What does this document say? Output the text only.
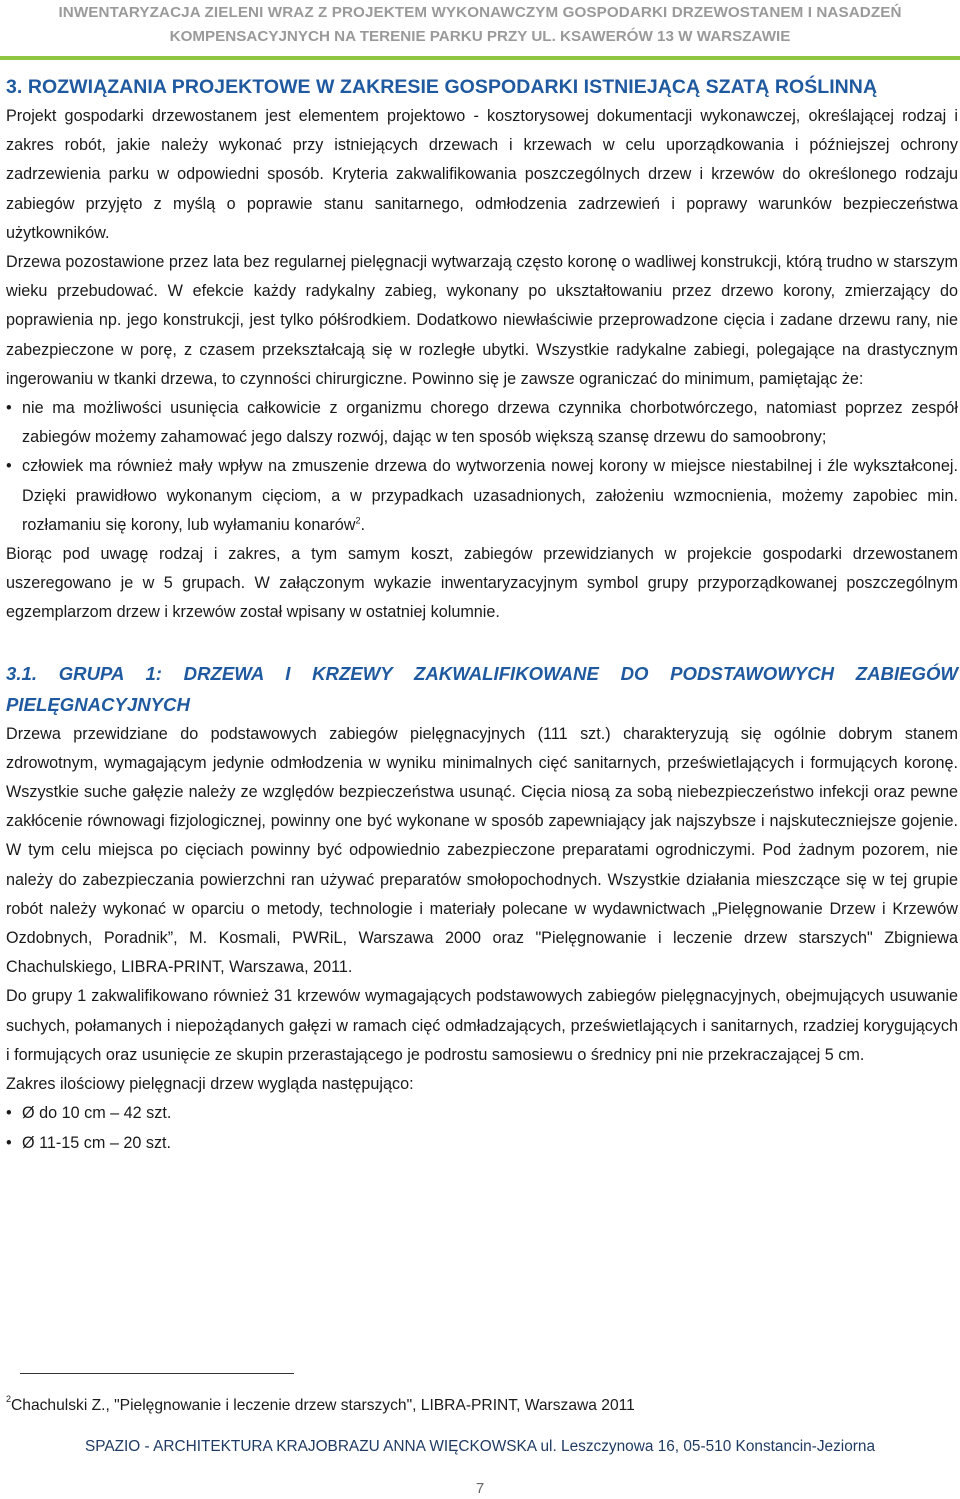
INWENTARYZACJA ZIELENI WRAZ Z PROJEKTEM WYKONAWCZYM GOSPODARKI DRZEWOSTANEM I NASADZEŃ
KOMPENSACYJNYCH NA TERENIE PARKU PRZY UL. KSAWERÓW 13 W WARSZAWIE
3. ROZWIĄZANIA PROJEKTOWE W ZAKRESIE GOSPODARKI ISTNIEJĄCĄ SZATĄ ROŚLINNĄ

Projekt gospodarki drzewostanem jest elementem projektowo - kosztorysowej dokumentacji wykonawczej, określającej rodzaj i zakres robót, jakie należy wykonać przy istniejących drzewach i krzewach w celu uporządkowania i późniejszej ochrony zadrzewienia parku w odpowiedni sposób. Kryteria zakwalifikowania poszczególnych drzew i krzewów do określonego rodzaju zabiegów przyjęto z myślą o poprawie stanu sanitarnego, odmłodzenia zadrzewień i poprawy warunków bezpieczeństwa użytkowników.

Drzewa pozostawione przez lata bez regularnej pielęgnacji wytwarzają często koronę o wadliwej konstrukcji, którą trudno w starszym wieku przebudować. W efekcie każdy radykalny zabieg, wykonany po ukształtowaniu przez drzewo korony, zmierzający do poprawienia np. jego konstrukcji, jest tylko półśrodkiem. Dodatkowo niewłaściwie przeprowadzone cięcia i zadane drzewu rany, nie zabezpieczone w porę, z czasem przekształcają się w rozległe ubytki. Wszystkie radykalne zabiegi, polegające na drastycznym ingerowaniu w tkanki drzewa, to czynności chirurgiczne. Powinno się je zawsze ograniczać do minimum, pamiętając że:

• nie ma możliwości usunięcia całkowicie z organizmu chorego drzewa czynnika chorbotwórczego, natomiast poprzez zespół zabiegów możemy zahamować jego dalszy rozwój, dając w ten sposób większą szansę drzewu do samoobrony;
• człowiek ma również mały wpływ na zmuszenie drzewa do wytworzenia nowej korony w miejsce niestabilnej i źle wykształconej. Dzięki prawidłowo wykonanym cięciom, a w przypadkach uzasadnionych, założeniu wzmocnienia, możemy zapobiec min. rozłamaniu się korony, lub wyłamaniu konarów$^2$.

Biorąc pod uwagę rodzaj i zakres, a tym samym koszt, zabiegów przewidzianych w projekcie gospodarki drzewostanem uszeregowano je w 5 grupach. W załączonym wykazie inwentaryzacyjnym symbol grupy przyporządkowanej poszczególnym egzemplarzom drzew i krzewów został wpisany w ostatniej kolumnie.

3.1. GRUPA 1: DRZEWA I KRZEWY ZAKWALIFIKOWANE DO PODSTAWOWYCH ZABIEGÓW PIELĘGNACYJNYCH

Drzewa przewidziane do podstawowych zabiegów pielęgnacyjnych (111 szt.) charakteryzują się ogólnie dobrym stanem zdrowotnym, wymagającym jedynie odmłodzenia w wyniku minimalnych cięć sanitarnych, prześwietlających i formujących koronę. Wszystkie suche gałęzie należy ze względów bezpieczeństwa usunąć. Cięcia niosą za sobą niebezpieczeństwo infekcji oraz pewne zakłócenie równowagi fizjologicznej, powinny one być wykonane w sposób zapewniający jak najszybsze i najskuteczniejsze gojenie. W tym celu miejsca po cięciach powinny być odpowiednio zabezpieczone preparatami ogrodniczymi. Pod żadnym pozorem, nie należy do zabezpieczania powierzchni ran używać preparatów smołopochodnych. Wszystkie działania mieszczące się w tej grupie robót należy wykonać w oparciu o metody, technologie i materiały polecane w wydawnictwach „Pielęgnowanie Drzew i Krzewów Ozdobnych, Poradnik”, M. Kosmali, PWRiL, Warszawa 2000 oraz "Pielęgnowanie i leczenie drzew starszych" Zbigniewa Chachulskiego, LIBRA-PRINT, Warszawa, 2011.

Do grupy 1 zakwalifikowano również 31 krzewów wymagających podstawowych zabiegów pielęgnacyjnych, obejmujących usuwanie suchych, połamanych i niepożądanych gałęzi w ramach cięć odmładzających, prześwietlających i sanitarnych, rzadziej korygujących i formujących oraz usunięcie ze skupin przerastającego je podrostu samosiewu o średnicy pni nie przekraczającej 5 cm.

Zakres ilościowy pielęgnacji drzew wygląda następująco:

• Ø do 10 cm – 42 szt.
• Ø 11-15 cm – 20 szt.
$^2$Chachulski Z., "Pielęgnowanie i leczenie drzew starszych", LIBRA-PRINT, Warszawa 2011
SPAZIO - ARCHITEKTURA KRAJOBRAZU ANNA WIĘCKOWSKA ul. Leszczynowa 16, 05-510 Konstancin-Jeziorna
7
